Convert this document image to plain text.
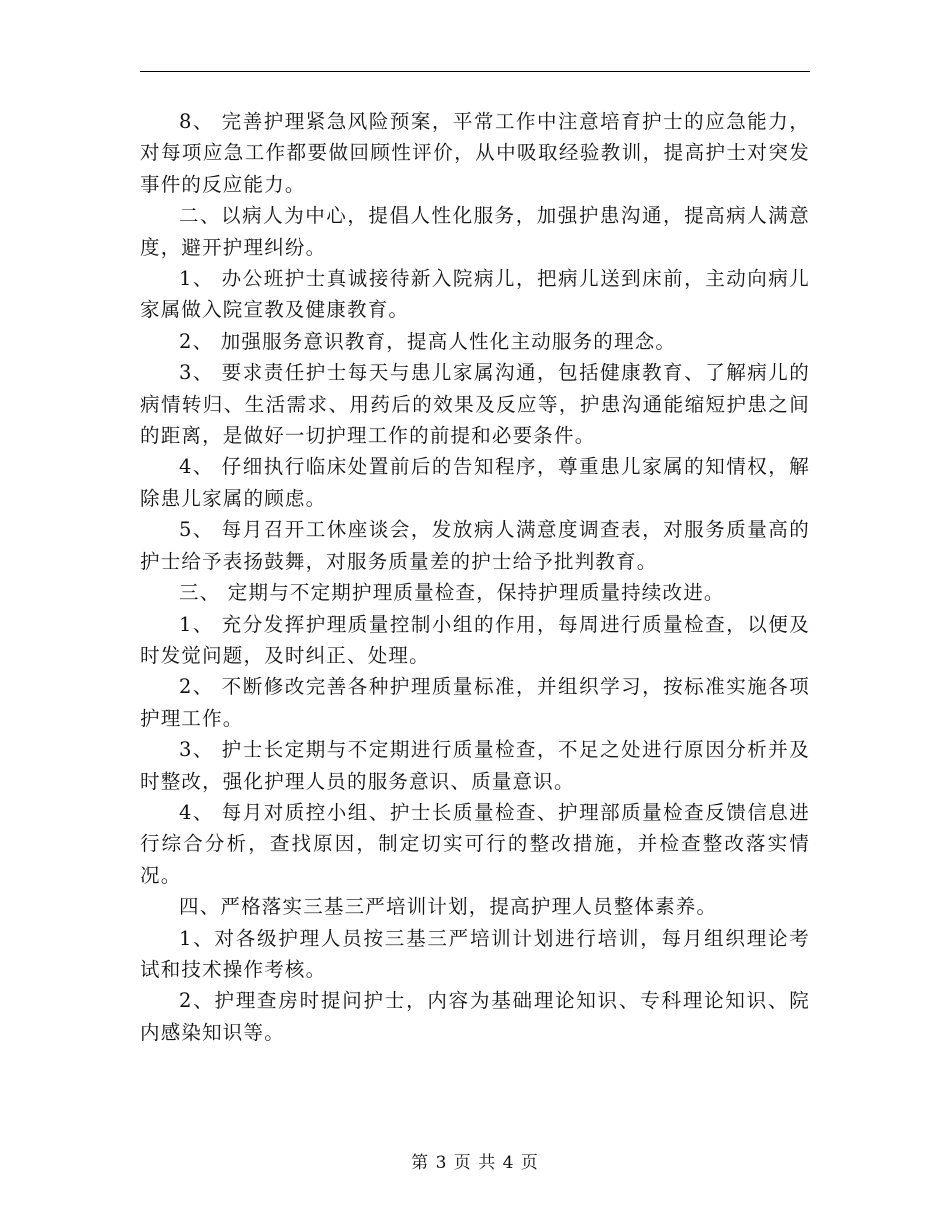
8、 完善护理紧急风险预案，平常工作中注意培育护士的应急能力，对每项应急工作都要做回顾性评价，从中吸取经验教训，提高护士对突发事件的反应能力。

二、以病人为中心，提倡人性化服务，加强护患沟通，提高病人满意度，避开护理纠纷。

1、 办公班护士真诚接待新入院病儿，把病儿送到床前，主动向病儿家属做入院宣教及健康教育。

2、 加强服务意识教育，提高人性化主动服务的理念。

3、 要求责任护士每天与患儿家属沟通，包括健康教育、了解病儿的病情转归、生活需求、用药后的效果及反应等，护患沟通能缩短护患之间的距离，是做好一切护理工作的前提和必要条件。

4、 仔细执行临床处置前后的告知程序，尊重患儿家属的知情权，解除患儿家属的顾虑。

5、 每月召开工休座谈会，发放病人满意度调查表，对服务质量高的护士给予表扬鼓舞，对服务质量差的护士给予批判教育。

三、 定期与不定期护理质量检查，保持护理质量持续改进。

1、 充分发挥护理质量控制小组的作用，每周进行质量检查，以便及时发觉问题，及时纠正、处理。

2、 不断修改完善各种护理质量标准，并组织学习，按标准实施各项护理工作。

3、 护士长定期与不定期进行质量检查，不足之处进行原因分析并及时整改，强化护理人员的服务意识、质量意识。

4、 每月对质控小组、护士长质量检查、护理部质量检查反馈信息进行综合分析，查找原因，制定切实可行的整改措施，并检查整改落实情况。

四、严格落实三基三严培训计划，提高护理人员整体素养。

1、对各级护理人员按三基三严培训计划进行培训，每月组织理论考试和技术操作考核。

2、护理查房时提问护士，内容为基础理论知识、专科理论知识、院内感染知识等。

第 3 页 共 4 页
